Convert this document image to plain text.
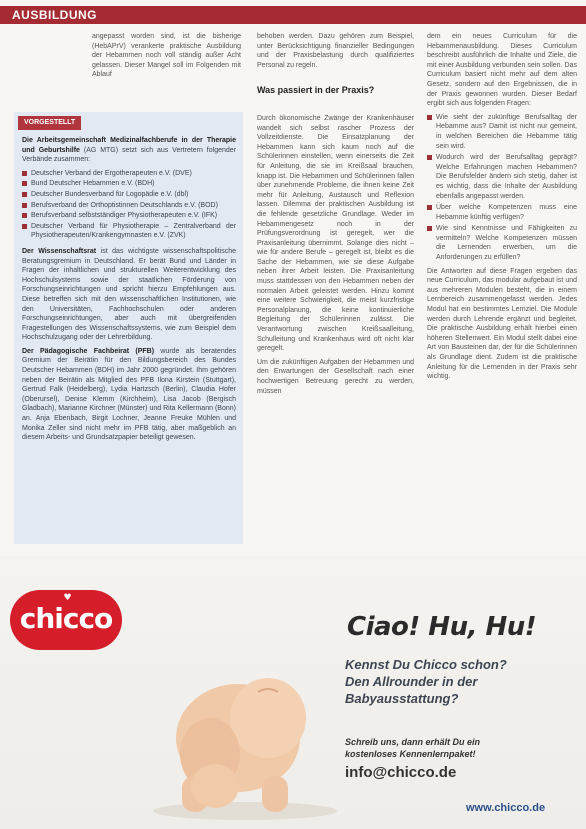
AUSBILDUNG
angepasst worden sind, ist die bisherige (HebAPrV) verankerte praktische Ausbildung der Hebammen noch voll ständig außer Acht gelassen. Dieser Mangel soll im Folgenden mit Ablauf
VORGESTELLT

Die Arbeitsgemeinschaft Medizinalfachberufe in der Therapie und Geburtshilfe (AG MTG) setzt sich aus Vertretern folgender Verbände zusammen:

Deutscher Verband der Ergotherapeuten e.V. (DVE)
Bund Deutscher Hebammen e.V. (BDH)
Deutscher Bundesverband für Logopädie e.V. (dbl)
Berufsverband der Orthoptistinnen Deutschlands e.V. (BOD)
Berufsverband selbstständiger Physiotherapeuten e.V. (IFK)
Deutscher Verband für Physiotherapie – Zentralverband der Physiotherapeuten/Krankengymnasten e.V. (ZVK)

Der Wissenschaftsrat ist das wichtigste wissenschaftspolitische Beratungsgremium in Deutschland. Er berät Bund und Länder in Fragen der inhaltlichen und strukturellen Weiterentwicklung des Hochschulsystems sowie der staatlichen Förderung von Forschungseinrichtungen und spricht hierzu Empfehlungen aus. Diese betreffen sich mit den wissenschaftlichen Institutionen, wie den Universitäten, Fachhochschulen oder anderen Forschungseinrichtungen, aber auch mit übergreifenden Fragestellungen des Wissenschaftssystems, wie zum Beispiel dem Hochschulzugang oder der Lehrerbildung.

Der Pädagogische Fachbeirat (PFB) wurde als beratendes Gremium der Beirätin für den Bildungsbereich des Bundes Deutscher Hebammen (BDH) im Jahr 2000 gegründet. Ihm gehören neben der Beirätin als Mitglied des PFB Ilona Kirstein (Stuttgart), Gertrud Falk (Heidelberg), Lydia Hartzsch (Berlin), Claudia Hofer (Oberursel), Denise Klemm (Kirchheim), Lisa Jacob (Bergisch Gladbach), Marianne Kirchner (Münster) und Rita Kellermann (Bonn) an. Anja Ebenbach, Birgit Lochner, Jeanne Freuke Mühlen und Monika Zeller sind nicht mehr im PFB tätig, aber maßgeblich an diesem Arbeits- und Grundsatzpapier beteiligt gewesen.

behoben werden. Dazu gehören zum Beispiel, unter Berücksichtigung finanzieller Bedingungen und der Praxisbelastung durch qualifiziertes Personal zu regeln.

Was passiert in der Praxis?

Durch ökonomische Zwänge der Krankenhäuser wandelt sich selbst rascher Prozess der Vollzeitdienste. Die Einsatzplanung der Hebammen kann sich kaum noch auf die Schülerinnen einstellen, wenn einerseits die Zeit für Anleitung, die sie im Kreißsaal brauchen, knapp ist. Die Hebammen und Schülerinnen fallen über zunehmende Probleme, die ihnen keine Zeit mehr für Anleitung, Austausch und Reflexion lassen. Dilemma der praktischen Ausbildung ist die fehlende gesetzliche Grundlage. Weder im Hebammengesetz noch in der Prüfungsverordnung ist geregelt, wer die Praxisanleitung übernimmt. Solange dies nicht – wie für andere Berufe – geregelt ist, bleibt es die Sache der Hebammen, wie sie diese Aufgabe neben ihrer Arbeit leisten. Die Praxisanleitung muss stattdessen von den Hebammen neben der normalen Arbeit geleistet werden. Hinzu kommt eine weitere Schwierigkeit, die meist kurzfristige Personalplanung, die keine kontinuierliche Begleitung der Schülerinnen zulässt. Die Verantwortung zwischen Kreißsaalleitung, Schulleitung und Krankenhaus wird oft nicht klar geregelt.

Um die zukünftigen Aufgaben der Hebammen und den Erwartungen der Gesellschaft nach einer hochwertigen Betreuung gerecht zu werden, müssen

dem ein neues Curriculum für die Hebammenausbildung. Dieses Curriculum beschreibt ausführlich die Inhalte und Ziele, die mit einer Ausbildung verbunden sein sollen. Das Curriculum basiert nicht mehr auf dem alten Gesetz, sondern auf den Ergebnissen, die in der Praxis gewonnen wurden. Dieser Bedarf ergibt sich aus folgenden Fragen:

Wie sieht der zukünftige Berufsalltag der Hebamme aus? Damit ist nicht nur gemeint, in welchen Bereichen die Hebamme tätig sein wird.
Wodurch wird der Berufsalltag geprägt? Welche Erfahrungen machen Hebammen? Die Berufsfelder ändern sich stetig, daher ist es wichtig, dass die Inhalte der Ausbildung ebenfalls angepasst werden.
Über welche Kompetenzen muss eine Hebamme künftig verfügen?
Wie sind Kenntnisse und Fähigkeiten zu vermitteln? Welche Kompetenzen müssen die Lernenden erwerben, um die Anforderungen zu erfüllen?

Die Antworten auf diese Fragen ergeben das neue Curriculum, das modular aufgebaut ist und aus mehreren Modulen besteht, die in einem Lernbereich zusammengefasst werden. Jedes Modul hat ein bestimmtes Lernziel. Die Module werden durch Lehrende ergänzt und begleitet. Die praktische Ausbildung erhält hierbei einen höheren Stellenwert. Ein Modul stellt dabei eine Art von Bausteinen dar, der für die Schülerinnen als Grundlage dient. Zudem ist die praktische Anleitung für die Lernenden in der Praxis sehr wichtig.

♥
chicco	Ciao! Hu, Hu!
Kennst Du Chicco schon?
Den Allrounder in der
Babyausstattung?
Schreib uns, dann erhält Du ein
kostenloses Kennenlernpaket!
info@chicco.de
www.chicco.de
